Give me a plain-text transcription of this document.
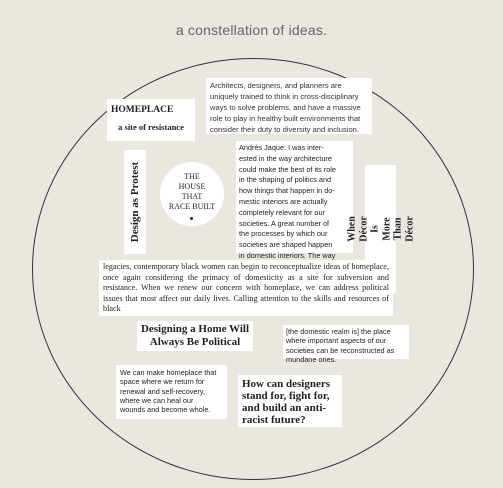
a constellation of ideas.
Architects, designers, and planners are
uniquely trained to think in cross-disciplinary
ways to solve problems, and have a massive
role to play in healthy built environments that
consider their duty to diversity and inclusion.
HOMEPLACE
a site of resistance
Andrés Jaque: I was inter-
ested in the way architecture
could make the best of its role
in the shaping of politics and
how things that happen in do-
mestic interiors are actually
completely relevant for our
societies. A great number of
the processes by which our
societies are shaped happen
in domestic interiors. The way
Design as Protest	THE
HOUSE
THAT
RACE BUILT
When Décor Is More
Than Décor
legacies, contemporary black women can begin to reconceptualize ideas of homeplace, once again considering the primacy of domesticity as a site for subversion and resistance. When we renew our concern with homeplace, we can address political issues that most affect our daily lives. Calling attention to the skills and resources of black
Designing a Home Will
Always Be Political
[the domestic realm is] the place
where important aspects of our
societies can be reconstructed as
mundane ones.
We can make homeplace that
space where we return for
renewal and self-recovery,
where we can heal our
wounds and become whole.
How can designers
stand for, fight for,
and build an anti-
racist future?
